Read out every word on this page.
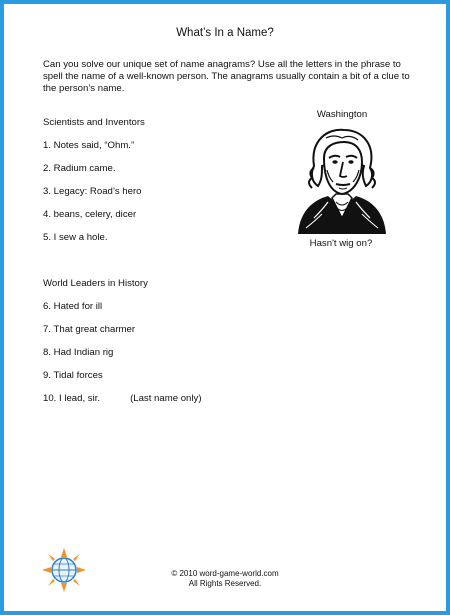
What’s In a Name?
Can you solve our unique set of name anagrams? Use all the letters in the phrase to spell the name of a well-known person. The anagrams usually contain a bit of a clue to the person’s name.
Scientists and Inventors
1. Notes said, “Ohm.”
2. Radium came.
3. Legacy: Road’s hero
4. beans, celery, dicer
5. I sew a hole.
World Leaders in History
6. Hated for ill
7. That great charmer
8. Had Indian rig
9. Tidal forces
10. I lead, sir.	(Last name only)
Washington
Hasn't wig on?
© 2010 word-game-world.com
All Rights Reserved.
